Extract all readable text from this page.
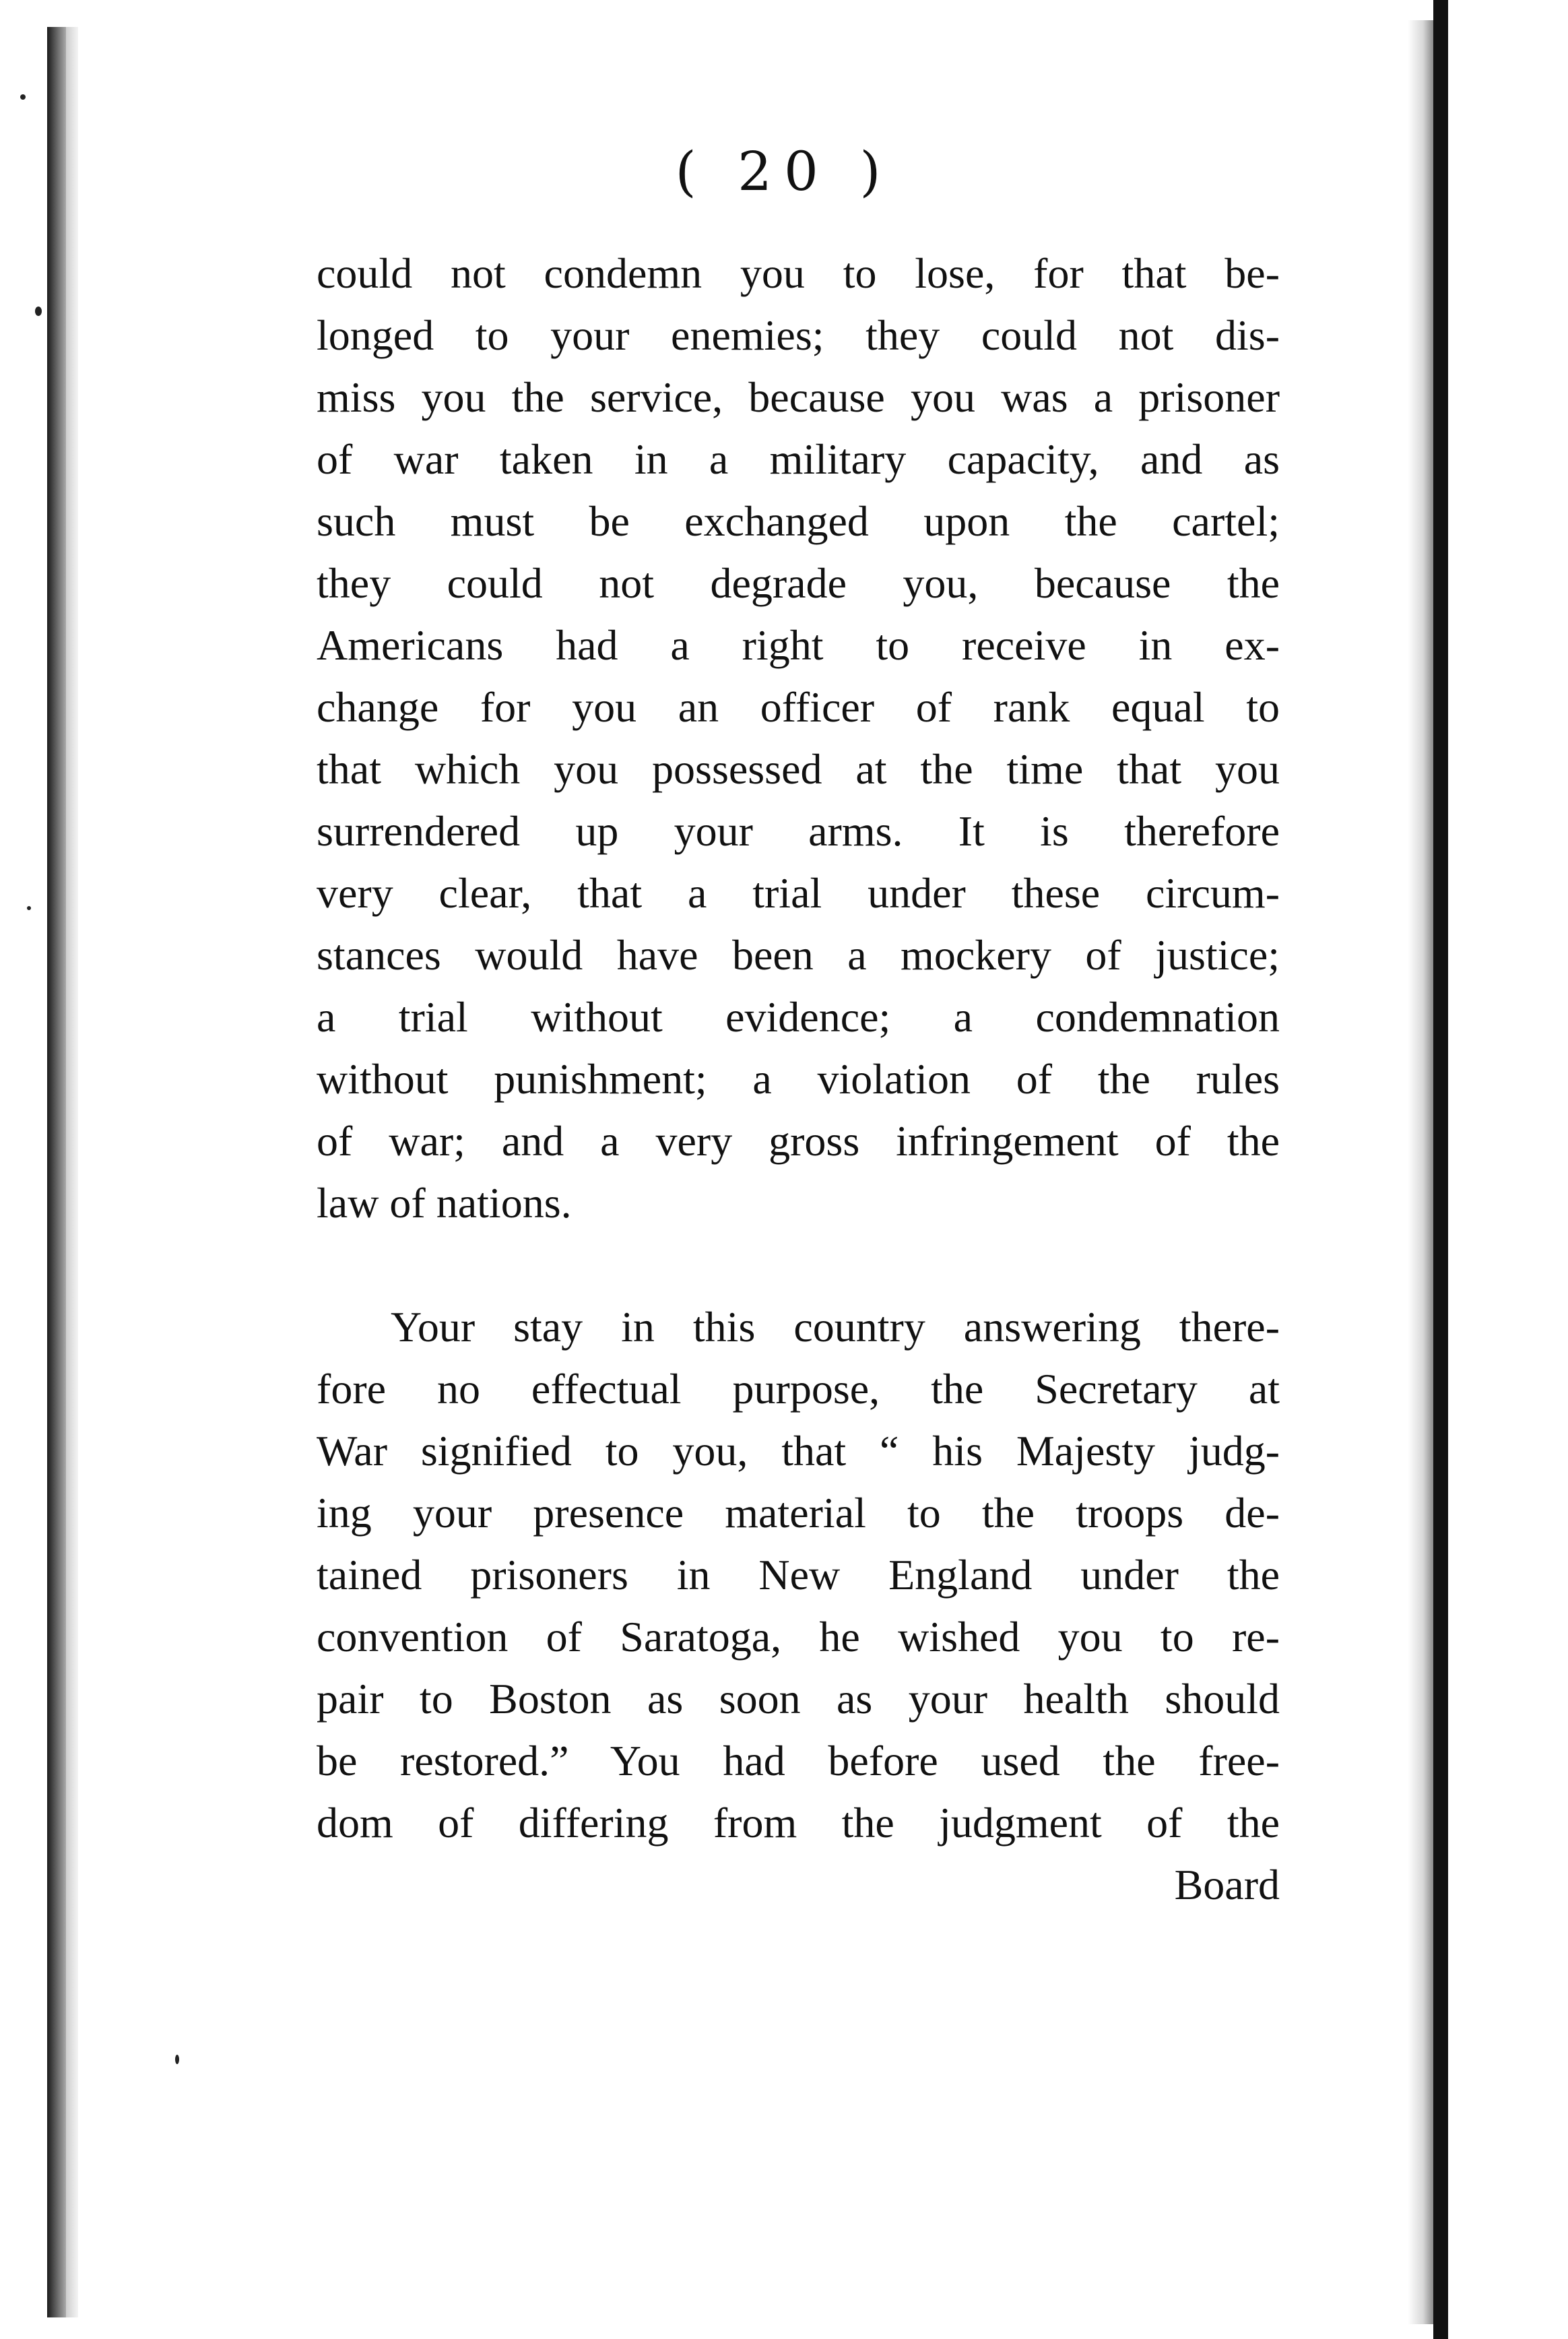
( 20 )
could not condemn you to lose, for that be-
longed to your enemies; they could not dis-
miss you the service, because you was a prisoner
of war taken in a military capacity, and as
such must be exchanged upon the cartel;
they could not degrade you, because the
Americans had a right to receive in ex-
change for you an officer of rank equal to
that which you possessed at the time that you
surrendered up your arms. It is therefore
very clear, that a trial under these circum-
stances would have been a mockery of justice;
a trial without evidence; a condemnation
without punishment; a violation of the rules
of war; and a very gross infringement of the
law of nations.
Your stay in this country answering there-
fore no effectual purpose, the Secretary at
War signified to you, that “ his Majesty judg-
ing your presence material to the troops de-
tained prisoners in New England under the
convention of Saratoga, he wished you to re-
pair to Boston as soon as your health should
be restored.” You had before used the free-
dom of differing from the judgment of the
Board
